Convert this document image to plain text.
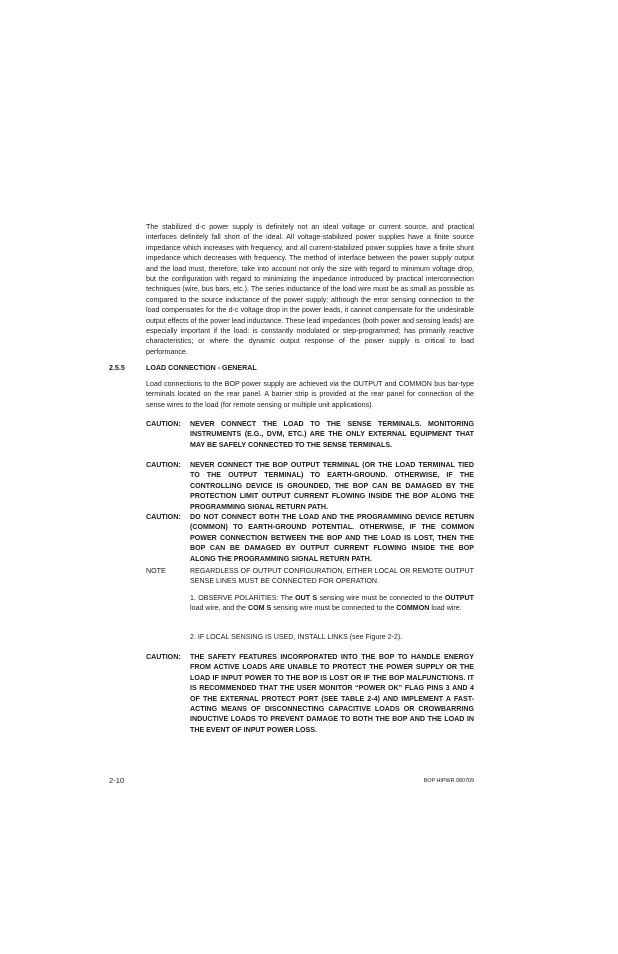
The stabilized d-c power supply is definitely not an ideal voltage or current source, and practical interfaces definitely fall short of the ideal. All voltage-stabilized power supplies have a finite source impedance which increases with frequency, and all current-stabilized power supplies have a finite shunt impedance which decreases with frequency. The method of interface between the power supply output and the load must, therefore, take into account not only the size with regard to minimum voltage drop, but the configuration with regard to minimizing the impedance introduced by practical interconnection techniques (wire, bus bars, etc.). The series inductance of the load wire must be as small as possible as compared to the source inductance of the power supply: although the error sensing connection to the load compensates for the d-c voltage drop in the power leads, it cannot compensate for the undesirable output effects of the power lead inductance. These lead impedances (both power and sensing leads) are especially important if the load: is constantly modulated or step-programmed; has primarily reactive characteristics; or where the dynamic output response of the power supply is critical to load performance.

2.5.5	LOAD CONNECTION - GENERAL

Load connections to the BOP power supply are achieved via the OUTPUT and COMMON bus bar-type terminals located on the rear panel. A barrier strip is provided at the rear panel for connection of the sense wires to the load (for remote sensing or multiple unit applications).

CAUTION: NEVER CONNECT THE LOAD TO THE SENSE TERMINALS. MONITORING INSTRUMENTS (E.G., DVM, ETC.) ARE THE ONLY EXTERNAL EQUIPMENT THAT MAY BE SAFELY CONNECTED TO THE SENSE TERMINALS.
CAUTION: NEVER CONNECT THE BOP OUTPUT TERMINAL (OR THE LOAD TERMINAL TIED TO THE OUTPUT TERMINAL) TO EARTH-GROUND. OTHERWISE, IF THE CONTROLLING DEVICE IS GROUNDED, THE BOP CAN BE DAMAGED BY THE PROTECTION LIMIT OUTPUT CURRENT FLOWING INSIDE THE BOP ALONG THE PROGRAMMING SIGNAL RETURN PATH.
CAUTION: DO NOT CONNECT BOTH THE LOAD AND THE PROGRAMMING DEVICE RETURN (COMMON) TO EARTH-GROUND POTENTIAL. OTHERWISE, IF THE COMMON POWER CONNECTION BETWEEN THE BOP AND THE LOAD IS LOST, THEN THE BOP CAN BE DAMAGED BY OUTPUT CURRENT FLOWING INSIDE THE BOP ALONG THE PROGRAMMING SIGNAL RETURN PATH.
NOTE	REGARDLESS OF OUTPUT CONFIGURATION, EITHER LOCAL OR REMOTE OUTPUT SENSE LINES MUST BE CONNECTED FOR OPERATION.

1. OBSERVE POLARITIES: The OUT S sensing wire must be connected to the OUTPUT load wire, and the COM S sensing wire must be connected to the COMMON load wire.

2. IF LOCAL SENSING IS USED, INSTALL LINKS (see Figure 2-2).

CAUTION: THE SAFETY FEATURES INCORPORATED INTO THE BOP TO HANDLE ENERGY FROM ACTIVE LOADS ARE UNABLE TO PROTECT THE POWER SUPPLY OR THE LOAD IF INPUT POWER TO THE BOP IS LOST OR IF THE BOP MALFUNCTIONS. IT IS RECOMMENDED THAT THE USER MONITOR “POWER OK” FLAG PINS 3 AND 4 OF THE EXTERNAL PROTECT PORT (SEE TABLE 2-4) AND IMPLEMENT A FAST-ACTING MEANS OF DISCONNECTING CAPACITIVE LOADS OR CROWBARRING INDUCTIVE LOADS TO PREVENT DAMAGE TO BOTH THE BOP AND THE LOAD IN THE EVENT OF INPUT POWER LOSS.
2-10	BOP HIPWR 080709
